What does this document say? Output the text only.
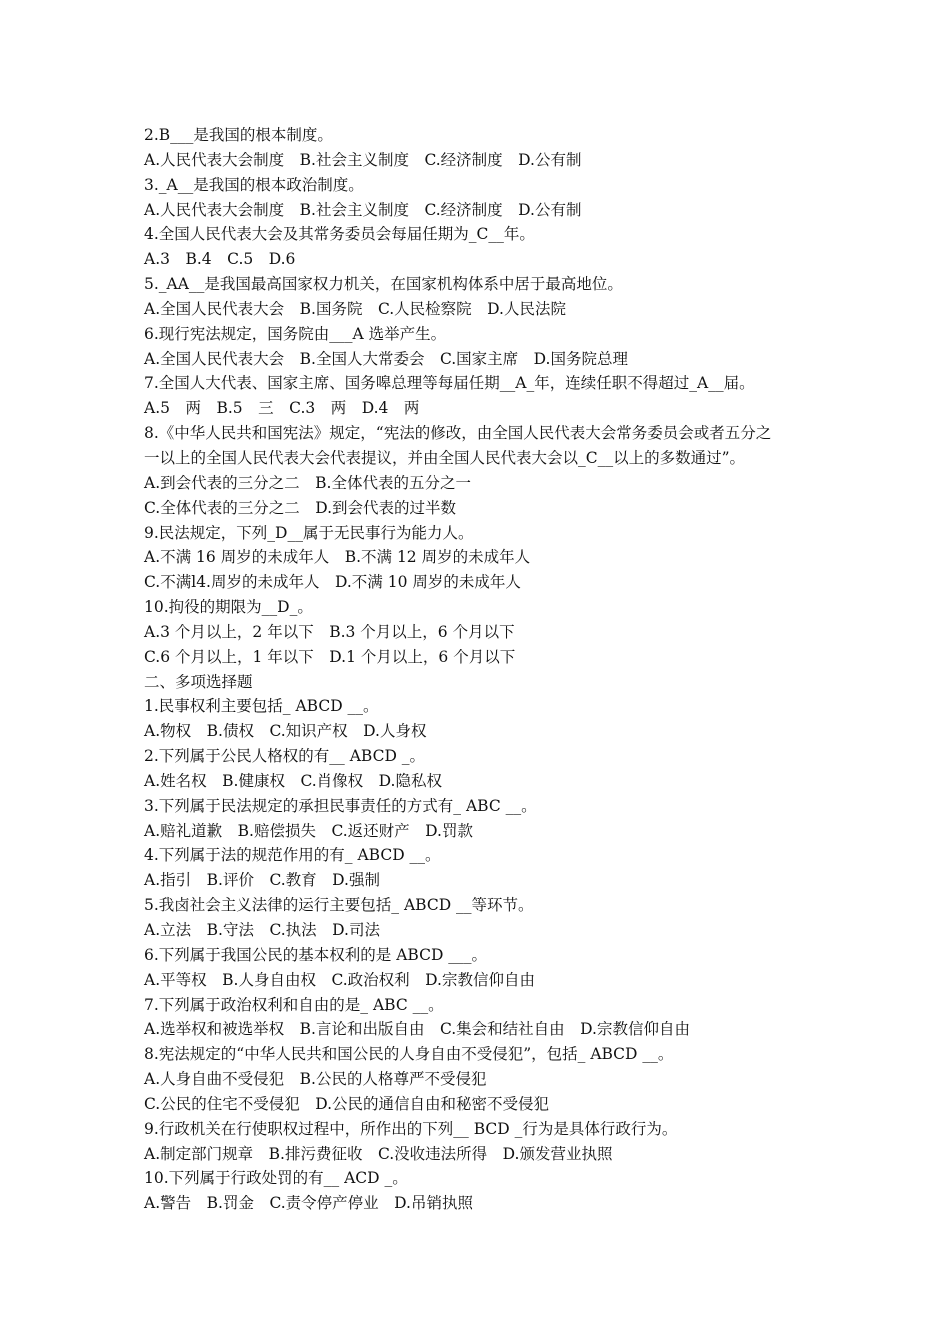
2.B___是我国的根本制度。

A.人民代表大会制度　B.社会主义制度　C.经济制度　D.公有制

3._A__是我国的根本政治制度。

A.人民代表大会制度　B.社会主义制度　C.经济制度　D.公有制

4.全国人民代表大会及其常务委员会每届任期为_C__年。

A.3　B.4　C.5　D.6

5._AA__是我国最高国家权力机关，在国家机构体系中居于最高地位。

A.全国人民代表大会　B.国务院　C.人民检察院　D.人民法院

6.现行宪法规定，国务院由___A 选举产生。

A.全国人民代表大会　B.全国人大常委会　C.国家主席　D.国务院总理

7.全国人大代表、国家主席、国务嗥总理等每届任期__A_年，连续任职不得超过_A__届。

A.5　两　B.5　三　C.3　两　D.4　两

8.《中华人民共和国宪法》规定，“宪法的修改，由全国人民代表大会常务委员会或者五分之

一以上的全国人民代表大会代表提议，并由全国人民代表大会以_C__以上的多数通过”。

A.到会代表的三分之二　B.全体代表的五分之一

C.全体代表的三分之二　D.到会代表的过半数

9.民法规定，下列_D__属于无民事行为能力人。

A.不满 16 周岁的未成年人　B.不满 12 周岁的未成年人

C.不满l4.周岁的未成年人　D.不满 10 周岁的未成年人

10.拘役的期限为__D_。

A.3 个月以上，2 年以下　B.3 个月以上，6 个月以下

C.6 个月以上，1 年以下　D.1 个月以上，6 个月以下

二、多项选择题

1.民事权利主要包括_ ABCD __。

A.物权　B.债权　C.知识产权　D.人身权

2.下列属于公民人格权的有__ ABCD _。

A.姓名权　B.健康权　C.肖像权　D.隐私权

3.下列属于民法规定的承担民事责任的方式有_ ABC __。

A.赔礼道歉　B.赔偿损失　C.返还财产　D.罚款

4.下列属于法的规范作用的有_ ABCD __。

A.指引　B.评价　C.教育　D.强制

5.我卤社会主义法律的运行主要包括_ ABCD __等环节。

A.立法　B.守法　C.执法　D.司法

6.下列属于我国公民的基本权利的是 ABCD ___。

A.平等权　B.人身自由权　C.政治权利　D.宗教信仰自由

7.下列属于政治权利和自由的是_ ABC __。

A.选举权和被选举权　B.言论和出版自由　C.集会和结社自由　D.宗教信仰自由

8.宪法规定的“中华人民共和国公民的人身自由不受侵犯”，包括_ ABCD __。

A.人身自曲不受侵犯　B.公民的人格尊严不受侵犯

C.公民的住宅不受侵犯　D.公民的通信自由和秘密不受侵犯

9.行政机关在行使职权过程中，所作出的下列__ BCD _行为是具体行政行为。

A.制定部门规章　B.排污费征收　C.没收违法所得　D.颁发营业执照

10.下列属于行政处罚的有__ ACD _。

A.警告　B.罚金　C.责令停产停业　D.吊销执照
